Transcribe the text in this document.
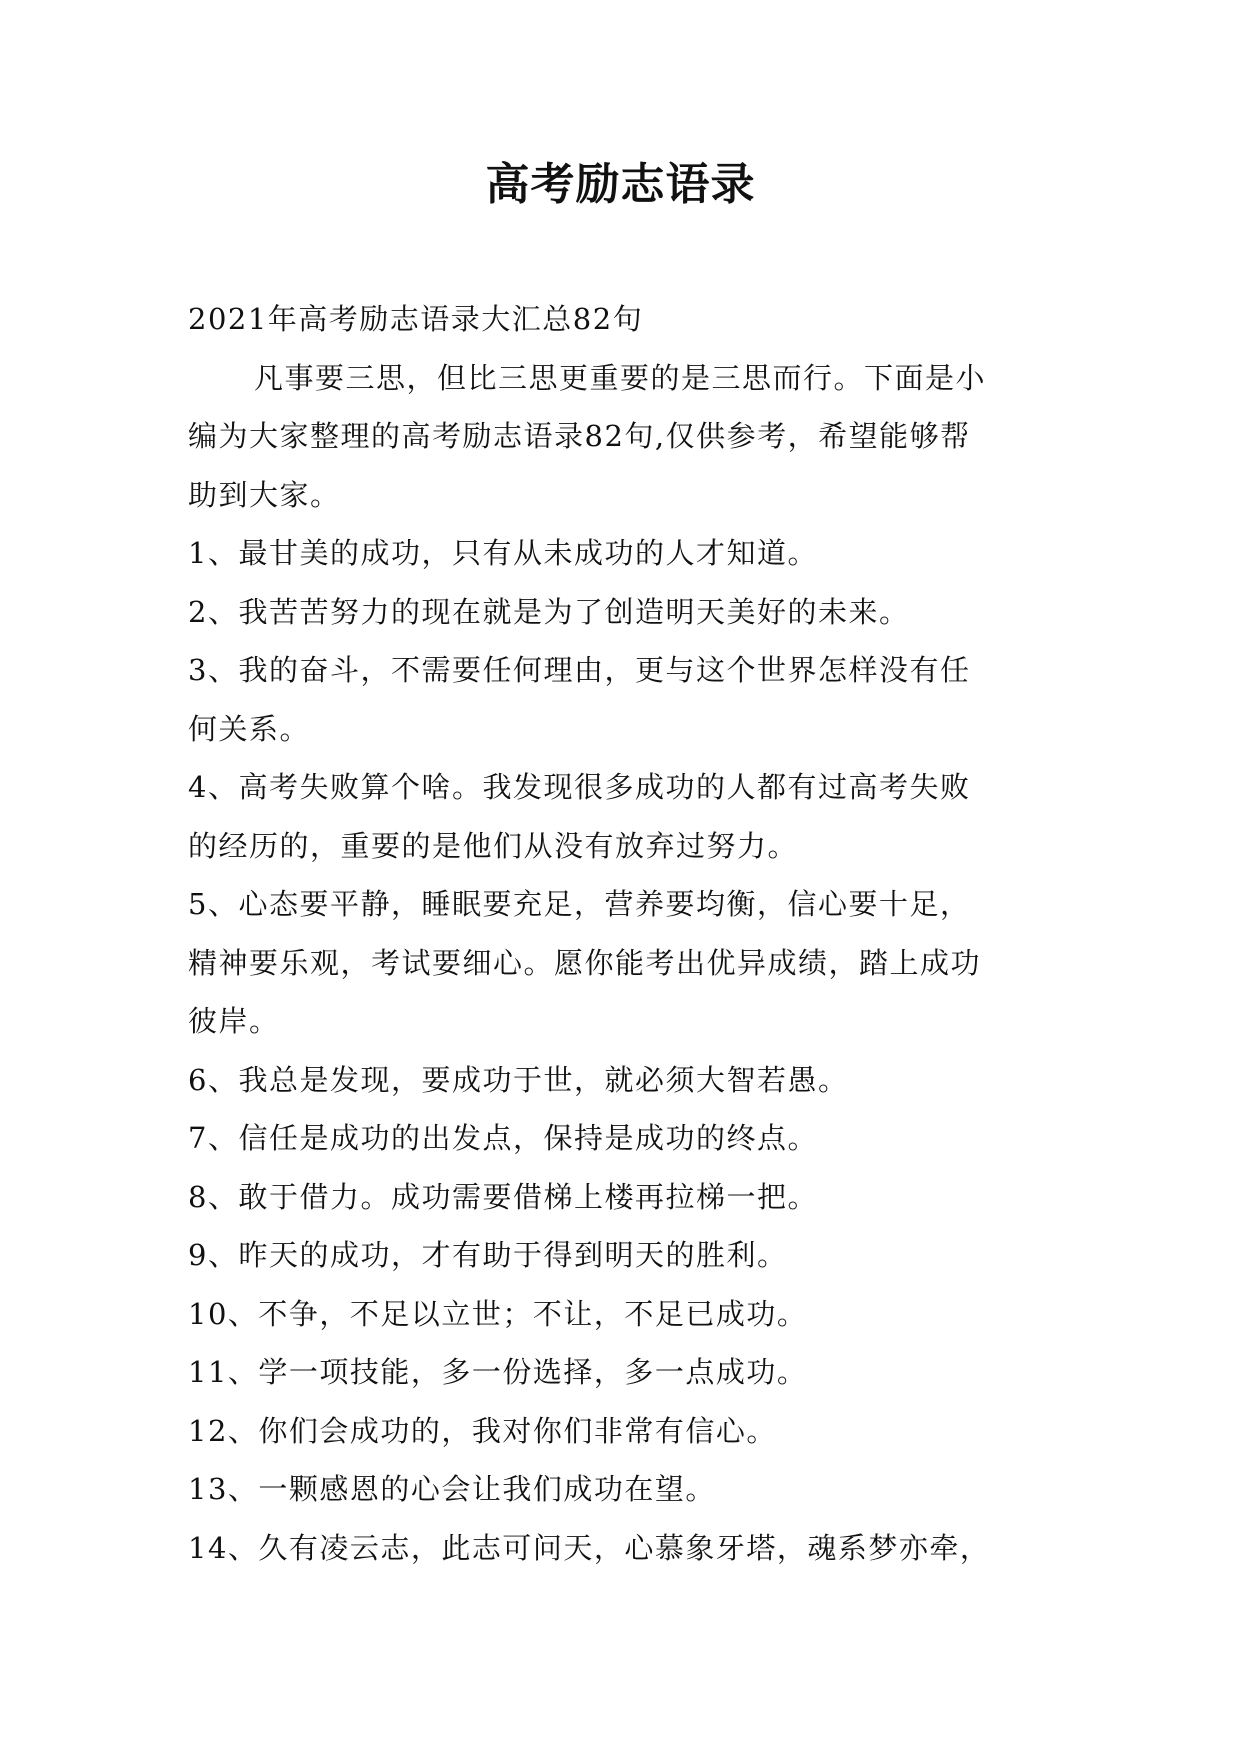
高考励志语录

2021年高考励志语录大汇总82句

凡事要三思，但比三思更重要的是三思而行。下面是小

编为大家整理的高考励志语录82句,仅供参考，希望能够帮

助到大家。

1、最甘美的成功，只有从未成功的人才知道。

2、我苦苦努力的现在就是为了创造明天美好的未来。

3、我的奋斗，不需要任何理由，更与这个世界怎样没有任

何关系。

4、高考失败算个啥。我发现很多成功的人都有过高考失败

的经历的，重要的是他们从没有放弃过努力。

5、心态要平静，睡眠要充足，营养要均衡，信心要十足，

精神要乐观，考试要细心。愿你能考出优异成绩，踏上成功

彼岸。

6、我总是发现，要成功于世，就必须大智若愚。

7、信任是成功的出发点，保持是成功的终点。

8、敢于借力。成功需要借梯上楼再拉梯一把。

9、昨天的成功，才有助于得到明天的胜利。

10、不争，不足以立世；不让，不足已成功。

11、学一项技能，多一份选择，多一点成功。

12、你们会成功的，我对你们非常有信心。

13、一颗感恩的心会让我们成功在望。

14、久有凌云志，此志可问天，心慕象牙塔，魂系梦亦牵，
